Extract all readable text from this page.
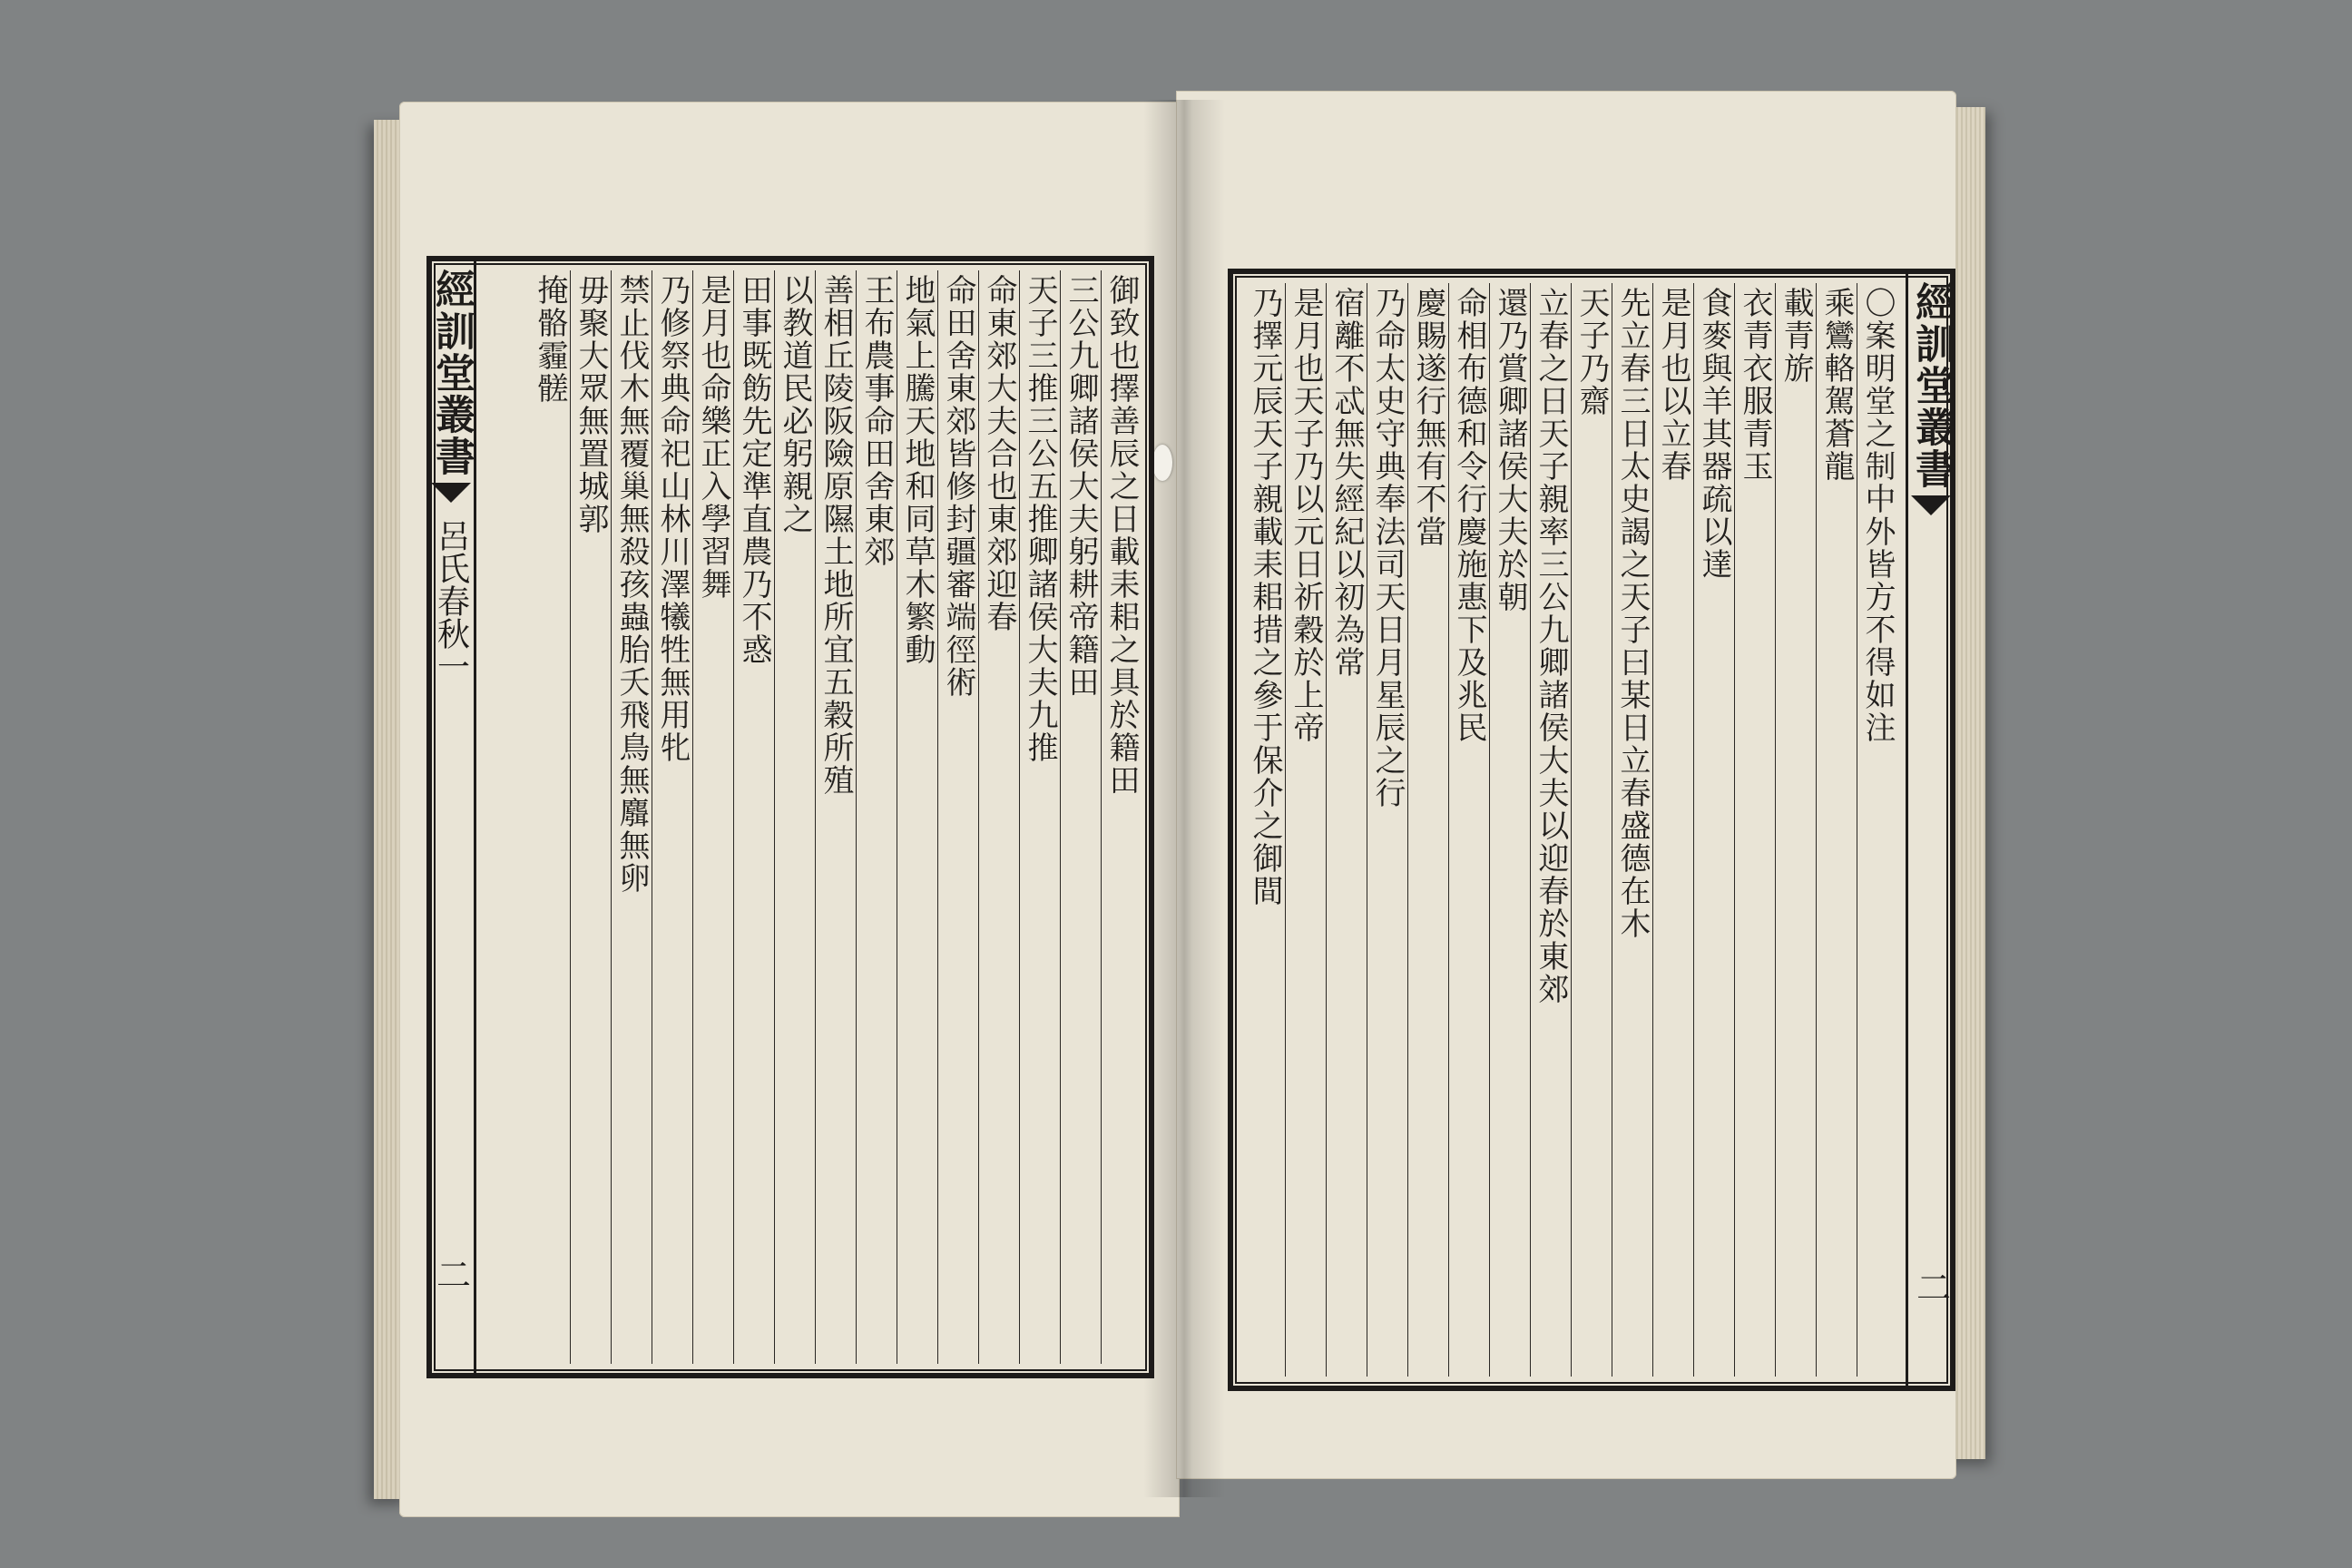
經訓堂叢書
呂氏春秋一
二
御致也擇善辰之日載耒耜之具於籍田
三公九卿諸侯大夫躬耕帝籍田
天子三推三公五推卿諸侯大夫九推
命東郊大夫合也東郊迎春
命田舍東郊皆修封疆審端徑術
地氣上騰天地和同草木繁動
王布農事命田舍東郊
善相丘陵阪險原隰土地所宜五穀所殖
以教道民必躬親之
田事既飭先定準直農乃不惑
是月也命樂正入學習舞
乃修祭典命祀山林川澤犧牲無用牝
禁止伐木無覆巢無殺孩蟲胎夭飛鳥無麛無卵
毋聚大眾無置城郭
掩骼霾髊	經訓堂叢書
二
〇案明堂之制中外皆方不得如注
乘鸞輅駕蒼龍
載青旂
衣青衣服青玉
食麥與羊其器疏以達
是月也以立春
先立春三日太史謁之天子曰某日立春盛德在木
天子乃齋
立春之日天子親率三公九卿諸侯大夫以迎春於東郊
還乃賞卿諸侯大夫於朝
命相布德和令行慶施惠下及兆民
慶賜遂行無有不當
乃命太史守典奉法司天日月星辰之行
宿離不忒無失經紀以初為常
是月也天子乃以元日祈穀於上帝
乃擇元辰天子親載耒耜措之參于保介之御間
